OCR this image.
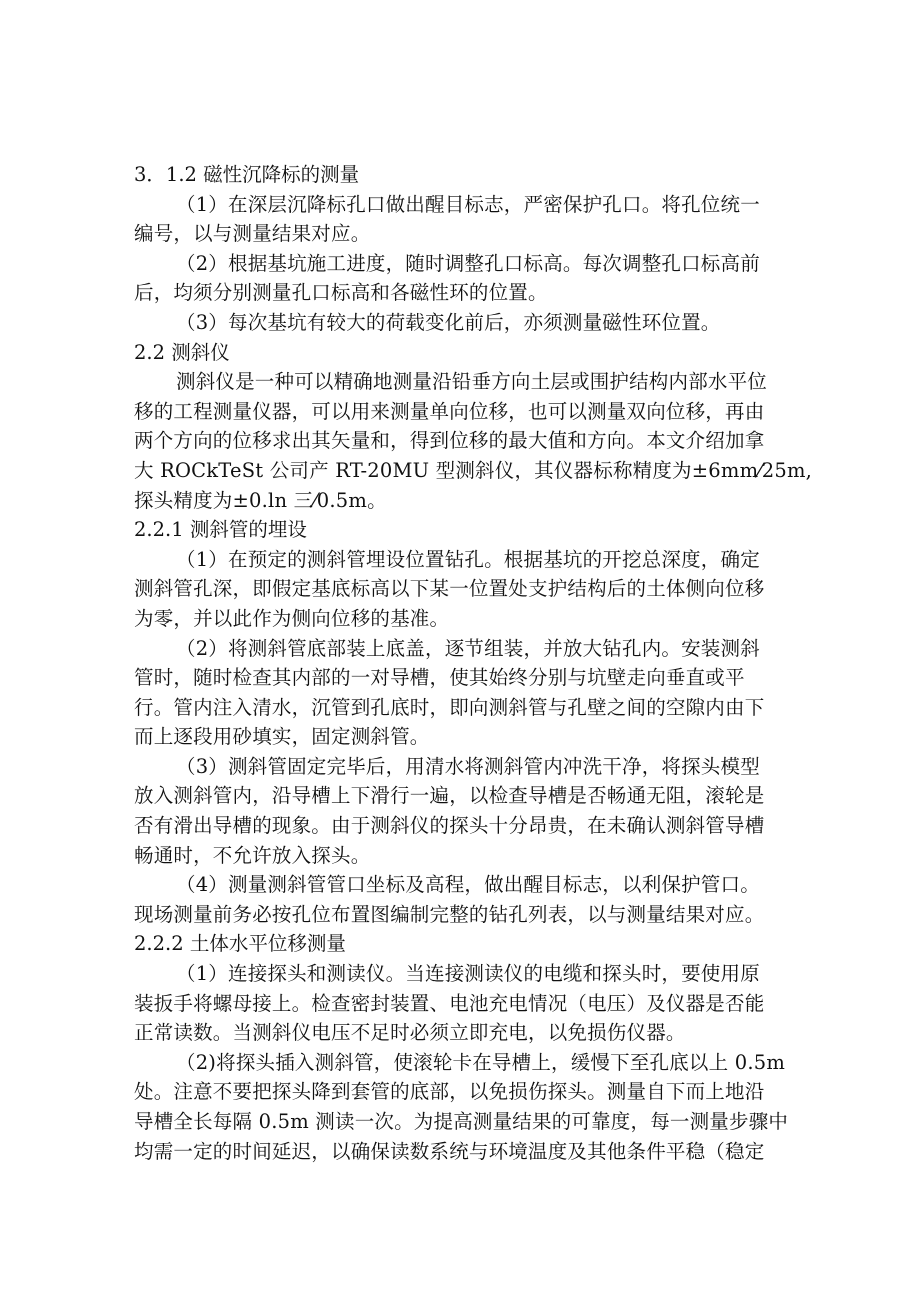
3．1.2 磁性沉降标的测量
（1）在深层沉降标孔口做出醒目标志，严密保护孔口。将孔位统一
编号，以与测量结果对应。
（2）根据基坑施工进度，随时调整孔口标高。每次调整孔口标高前
后，均须分别测量孔口标高和各磁性环的位置。
（3）每次基坑有较大的荷载变化前后，亦须测量磁性环位置。
2.2 测斜仪
测斜仪是一种可以精确地测量沿铅垂方向土层或围护结构内部水平位
移的工程测量仪器，可以用来测量单向位移，也可以测量双向位移，再由
两个方向的位移求出其矢量和，得到位移的最大值和方向。本文介绍加拿
大 ROCkTeSt 公司产 RT-20MU 型测斜仪，其仪器标称精度为±6mm⁄25m,
探头精度为±0.ln 三⁄0.5m。
2.2.1 测斜管的埋设
（1）在预定的测斜管埋设位置钻孔。根据基坑的开挖总深度，确定
测斜管孔深，即假定基底标高以下某一位置处支护结构后的土体侧向位移
为零，并以此作为侧向位移的基准。
（2）将测斜管底部装上底盖，逐节组装，并放大钻孔内。安装测斜
管时，随时检查其内部的一对导槽，使其始终分别与坑壁走向垂直或平
行。管内注入清水，沉管到孔底时，即向测斜管与孔壁之间的空隙内由下
而上逐段用砂填实，固定测斜管。
（3）测斜管固定完毕后，用清水将测斜管内冲洗干净，将探头模型
放入测斜管内，沿导槽上下滑行一遍，以检查导槽是否畅通无阻，滚轮是
否有滑出导槽的现象。由于测斜仪的探头十分昂贵，在未确认测斜管导槽
畅通时，不允许放入探头。
（4）测量测斜管管口坐标及高程，做出醒目标志，以利保护管口。
现场测量前务必按孔位布置图编制完整的钻孔列表，以与测量结果对应。
2.2.2 土体水平位移测量
（1）连接探头和测读仪。当连接测读仪的电缆和探头时，要使用原
装扳手将螺母接上。检查密封装置、电池充电情况（电压）及仪器是否能
正常读数。当测斜仪电压不足时必须立即充电，以免损伤仪器。
（2)将探头插入测斜管，使滚轮卡在导槽上，缓慢下至孔底以上 0.5m
处。注意不要把探头降到套管的底部，以免损伤探头。测量自下而上地沿
导槽全长每隔 0.5m 测读一次。为提高测量结果的可靠度，每一测量步骤中
均需一定的时间延迟，以确保读数系统与环境温度及其他条件平稳（稳定
